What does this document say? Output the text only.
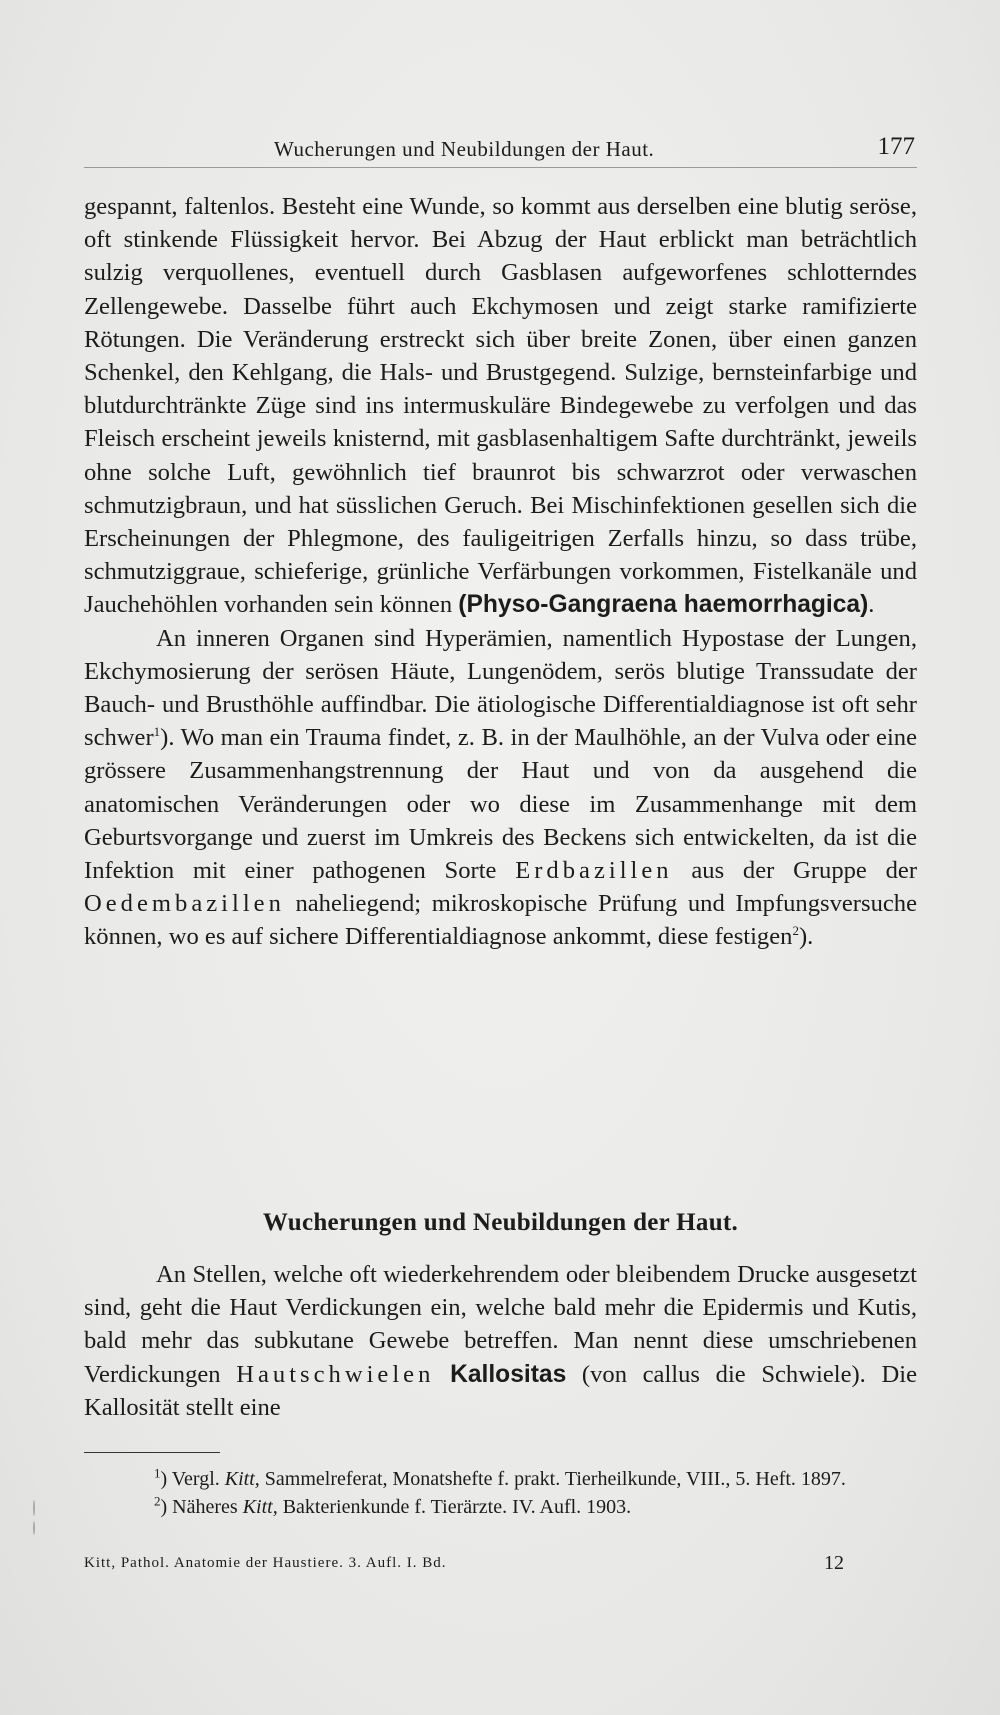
Wucherungen und Neubildungen der Haut.	177

gespannt, faltenlos. Besteht eine Wunde, so kommt aus derselben eine blutig seröse, oft stinkende Flüssigkeit hervor. Bei Abzug der Haut erblickt man beträchtlich sulzig verquollenes, eventuell durch Gasblasen aufgeworfenes schlotterndes Zellengewebe. Dasselbe führt auch Ekchymosen und zeigt starke ramifizierte Rötungen. Die Veränderung erstreckt sich über breite Zonen, über einen ganzen Schenkel, den Kehlgang, die Hals- und Brustgegend. Sulzige, bernsteinfarbige und blutdurchtränkte Züge sind ins intermuskuläre Bindegewebe zu verfolgen und das Fleisch erscheint jeweils knisternd, mit gasblasenhaltigem Safte durchtränkt, jeweils ohne solche Luft, gewöhnlich tief braunrot bis schwarzrot oder verwaschen schmutzigbraun, und hat süsslichen Geruch. Bei Mischinfektionen gesellen sich die Erscheinungen der Phlegmone, des fauligeitrigen Zerfalls hinzu, so dass trübe, schmutziggraue, schieferige, grünliche Verfärbungen vorkommen, Fistelkanäle und Jauchehöhlen vorhanden sein können (Physo-Gangraena haemorrhagica).

An inneren Organen sind Hyperämien, namentlich Hypostase der Lungen, Ekchymosierung der serösen Häute, Lungenödem, serös blutige Transsudate der Bauch- und Brusthöhle auffindbar. Die ätiologische Differentialdiagnose ist oft sehr schwer$^1$). Wo man ein Trauma findet, z. B. in der Maulhöhle, an der Vulva oder eine grössere Zusammenhangstrennung der Haut und von da ausgehend die anatomischen Veränderungen oder wo diese im Zusammenhange mit dem Geburtsvorgange und zuerst im Umkreis des Beckens sich entwickelten, da ist die Infektion mit einer pathogenen Sorte Erdbazillen aus der Gruppe der Oedembazillen naheliegend; mikroskopische Prüfung und Impfungsversuche können, wo es auf sichere Differentialdiagnose ankommt, diese festigen$^2$).

Wucherungen und Neubildungen der Haut.

An Stellen, welche oft wiederkehrendem oder bleibendem Drucke ausgesetzt sind, geht die Haut Verdickungen ein, welche bald mehr die Epidermis und Kutis, bald mehr das subkutane Gewebe betreffen. Man nennt diese umschriebenen Verdickungen Hautschwielen Kallositas (von callus die Schwiele). Die Kallosität stellt eine

$^1$) Vergl. Kitt, Sammelreferat, Monatshefte f. prakt. Tierheilkunde, VIII., 5. Heft. 1897.

$^2$) Näheres Kitt, Bakterienkunde f. Tierärzte. IV. Aufl. 1903.

Kitt, Pathol. Anatomie der Haustiere. 3. Aufl. I. Bd.	12
